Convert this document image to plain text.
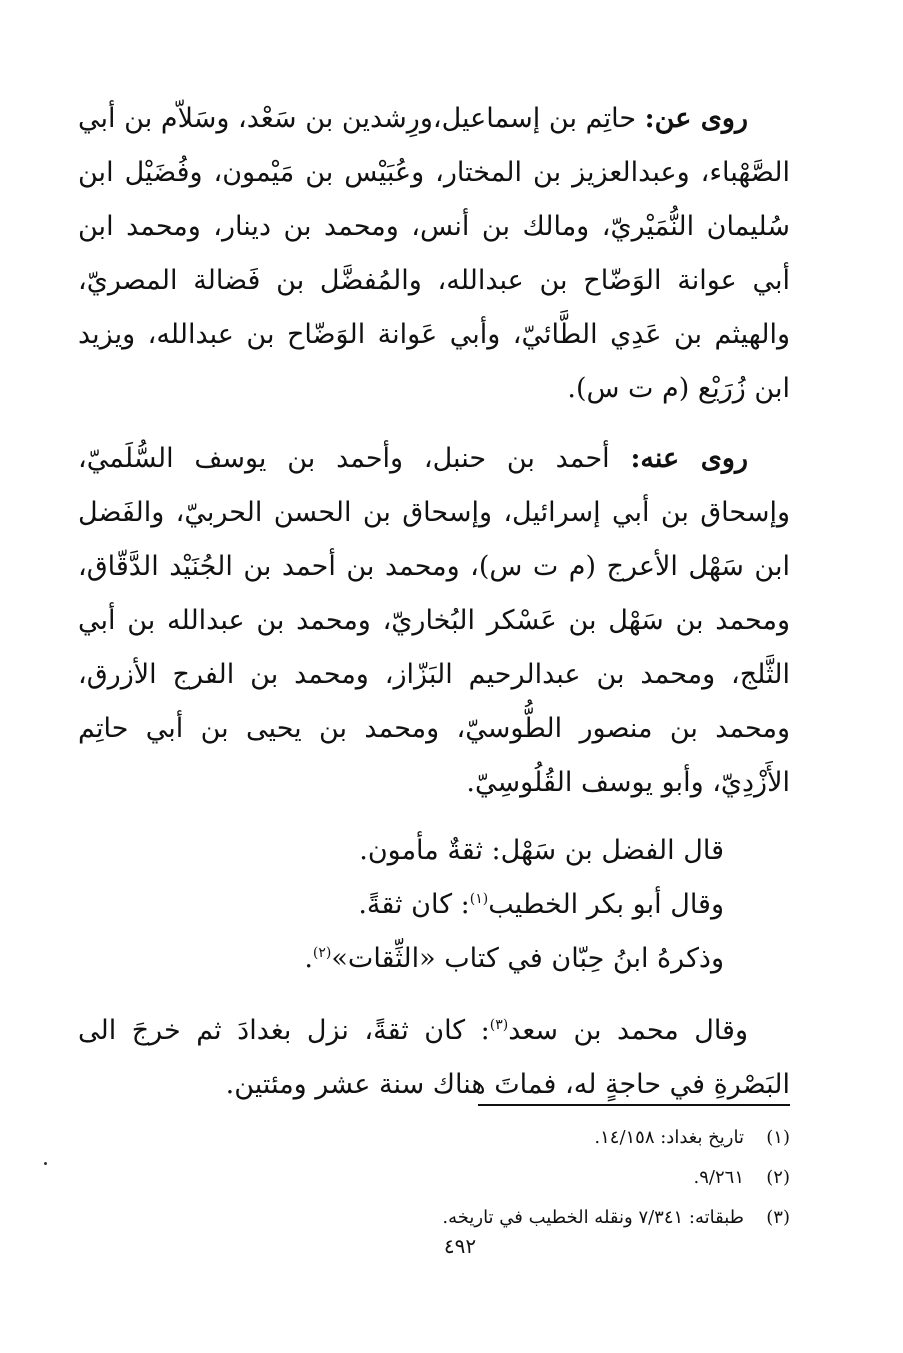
روى عن: حاتِم بن إسماعيل،ورِشدين بن سَعْد، وسَلاّم بن أبي الصَّهْباء، وعبدالعزيز بن المختار، وعُبَيْس بن مَيْمون، وفُضَيْل ابن سُليمان النُّمَيْريّ، ومالك بن أنس، ومحمد بن دينار، ومحمد ابن أبي عوانة الوَضّاح بن عبدالله، والمُفضَّل بن فَضالة المصريّ، والهيثم بن عَدِي الطَّائيّ، وأبي عَوانة الوَضّاح بن عبدالله، ويزيد ابن زُرَيْع (م ت س).

روى عنه: أحمد بن حنبل، وأحمد بن يوسف السُّلَميّ، وإسحاق بن أبي إسرائيل، وإسحاق بن الحسن الحربيّ، والفَضل ابن سَهْل الأعرج (م ت س)، ومحمد بن أحمد بن الجُنَيْد الدَّقّاق، ومحمد بن سَهْل بن عَسْكر البُخاريّ، ومحمد بن عبدالله بن أبي الثَّلج، ومحمد بن عبدالرحيم البَزّاز، ومحمد بن الفرج الأزرق، ومحمد بن منصور الطُّوسيّ، ومحمد بن يحيى بن أبي حاتِم الأَزْدِيّ، وأبو يوسف القُلُوسِيّ.

قال الفضل بن سَهْل: ثقةٌ مأمون.

وقال أبو بكر الخطيب$^{(١)}$: كان ثقةً.

وذكرهُ ابنُ حِبّان في كتاب «الثِّقات»$^{(٢)}$.

وقال محمد بن سعد$^{(٣)}$: كان ثقةً، نزل بغدادَ ثم خرجَ الى البَصْرةِ في حاجةٍ له، فماتَ هناك سنة عشر ومئتين.

(١)
تاريخ بغداد: ١٤/١٥٨.
(٢)
٩/٢٦١.
(٣)
طبقاته: ٧/٣٤١ ونقله الخطيب في تاريخه.
٤٩٢
